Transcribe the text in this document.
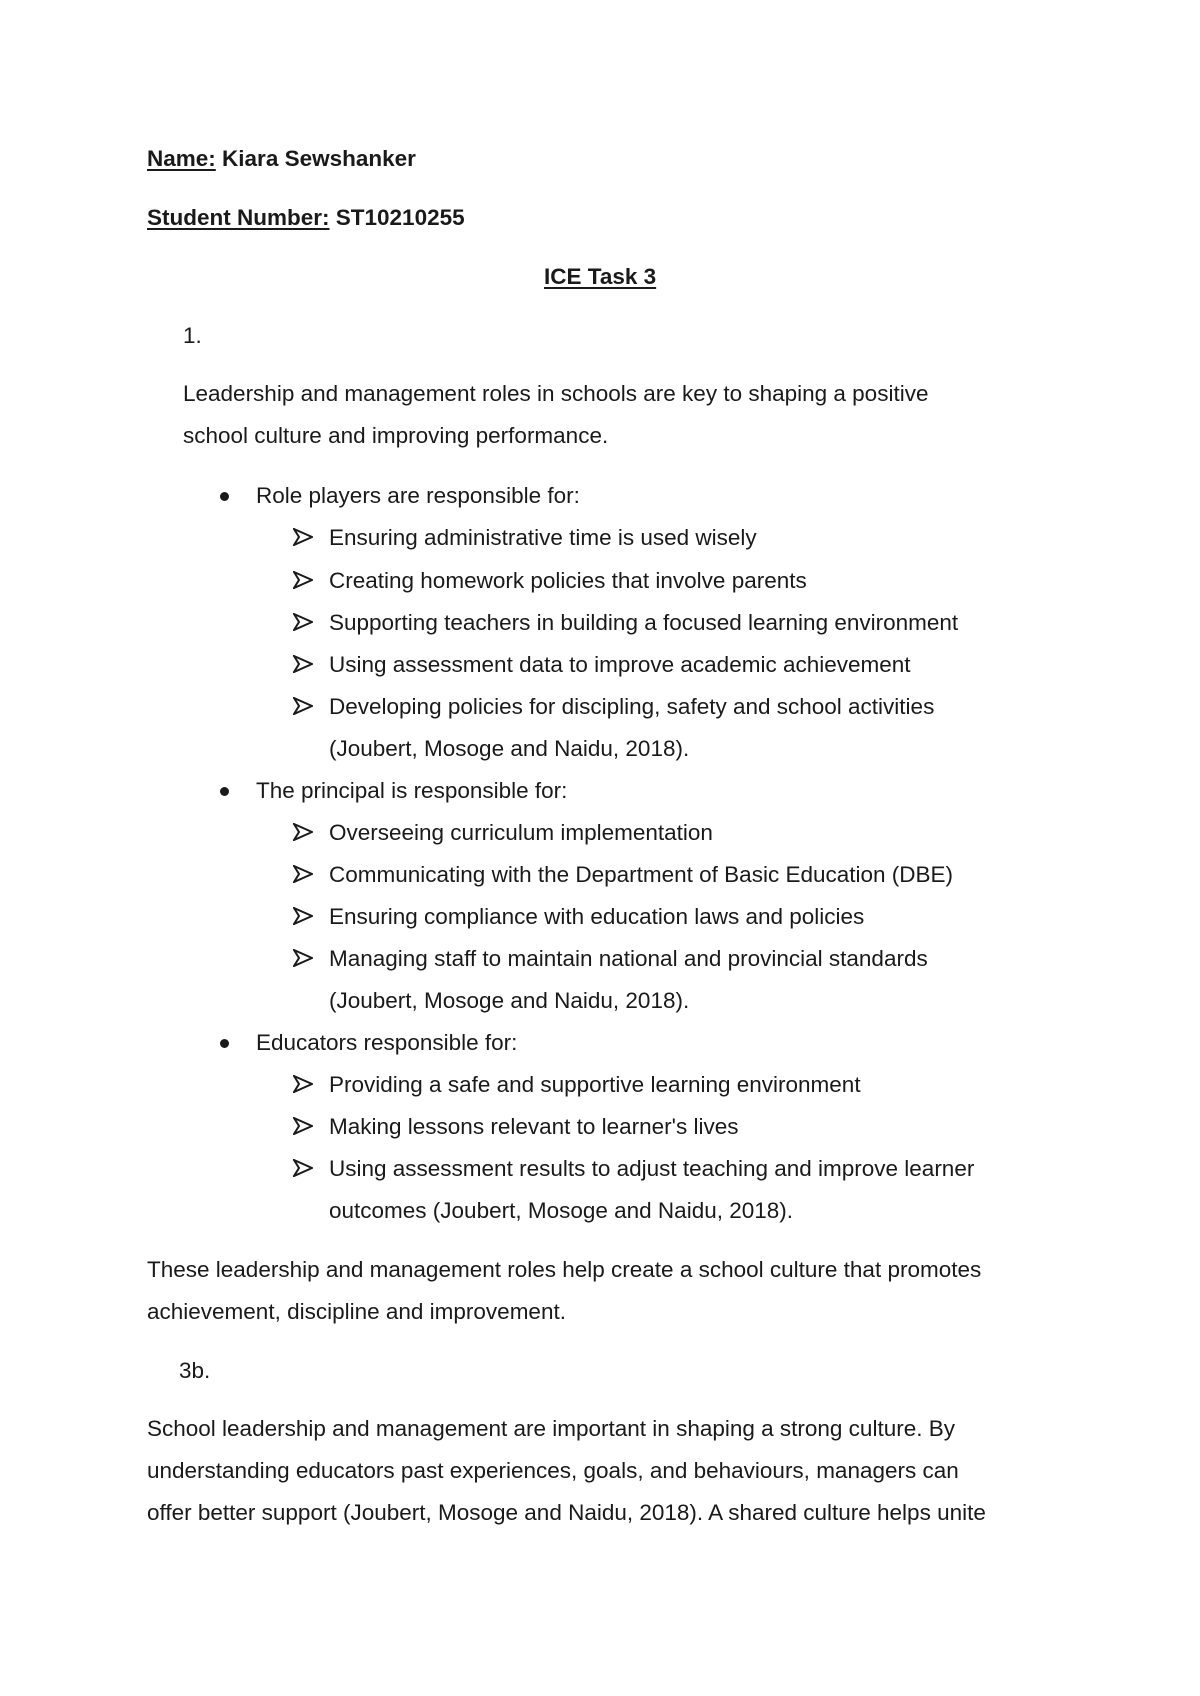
Name: Kiara Sewshanker
Student Number: ST10210255
ICE Task 3
1.
Leadership and management roles in schools are key to shaping a positive
school culture and improving performance.
Role players are responsible for:
Ensuring administrative time is used wisely
Creating homework policies that involve parents
Supporting teachers in building a focused learning environment
Using assessment data to improve academic achievement
Developing policies for discipling, safety and school activities
(Joubert, Mosoge and Naidu, 2018).
The principal is responsible for:
Overseeing curriculum implementation
Communicating with the Department of Basic Education (DBE)
Ensuring compliance with education laws and policies
Managing staff to maintain national and provincial standards
(Joubert, Mosoge and Naidu, 2018).
Educators responsible for:
Providing a safe and supportive learning environment
Making lessons relevant to learner's lives
Using assessment results to adjust teaching and improve learner
outcomes (Joubert, Mosoge and Naidu, 2018).
These leadership and management roles help create a school culture that promotes
achievement, discipline and improvement.
3b.
School leadership and management are important in shaping a strong culture. By
understanding educators past experiences, goals, and behaviours, managers can
offer better support (Joubert, Mosoge and Naidu, 2018). A shared culture helps unite
